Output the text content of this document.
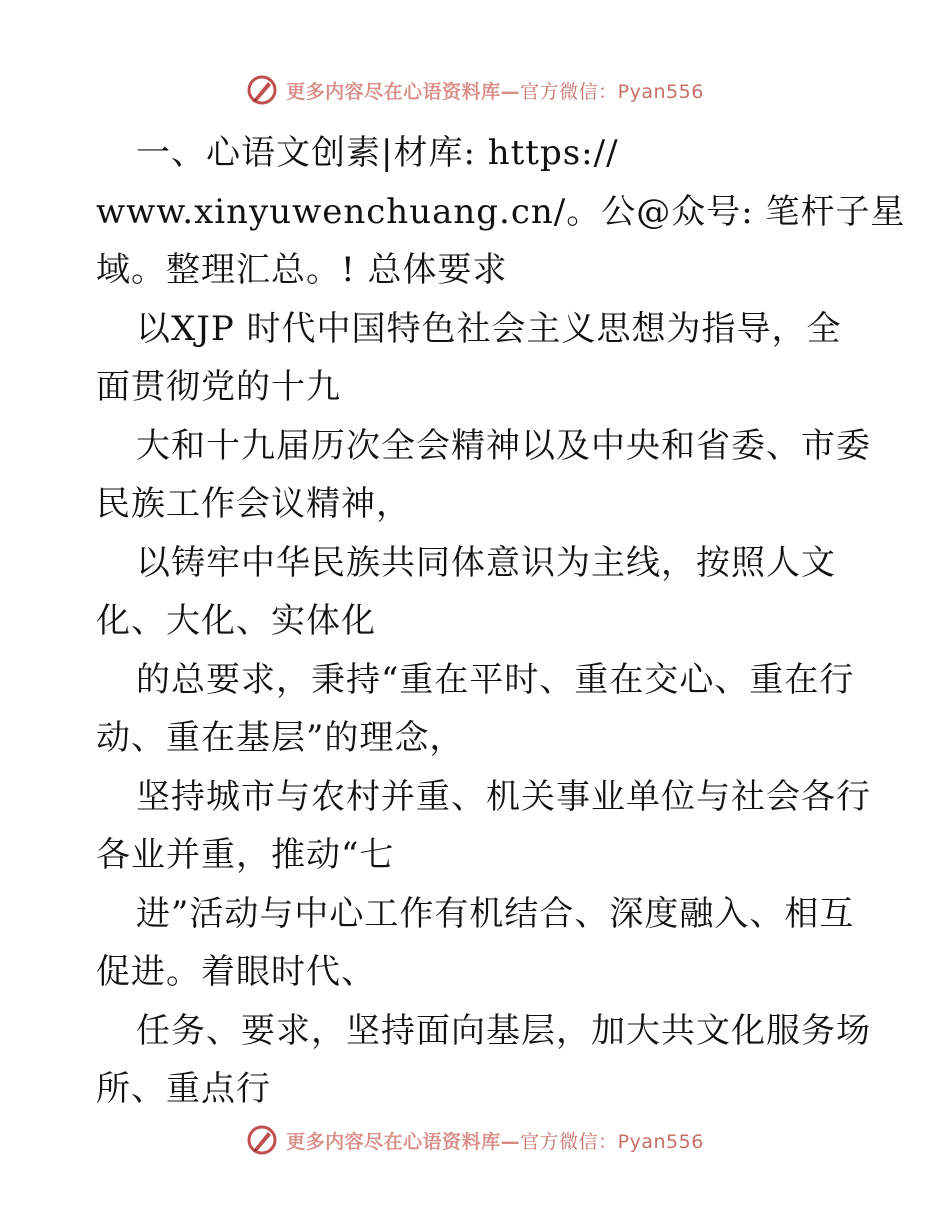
更多内容尽在心语资料库—官方微信：Pyan556
一、心语文创素|材库: https://
www.xinyuwenchuang.cn/。公@众号: 笔杆子星
域。整理汇总。! 总体要求
以XJP 时代中国特色社会主义思想为指导，全
面贯彻党的十九
大和十九届历次全会精神以及中央和省委、市委
民族工作会议精神，
以铸牢中华民族共同体意识为主线，按照人文
化、大化、实体化
的总要求，秉持“重在平时、重在交心、重在行
动、重在基层”的理念，
坚持城市与农村并重、机关事业单位与社会各行
各业并重，推动“七
进”活动与中心工作有机结合、深度融入、相互
促进。着眼时代、
任务、要求，坚持面向基层，加大共文化服务场
所、重点行
更多内容尽在心语资料库—官方微信：Pyan556
